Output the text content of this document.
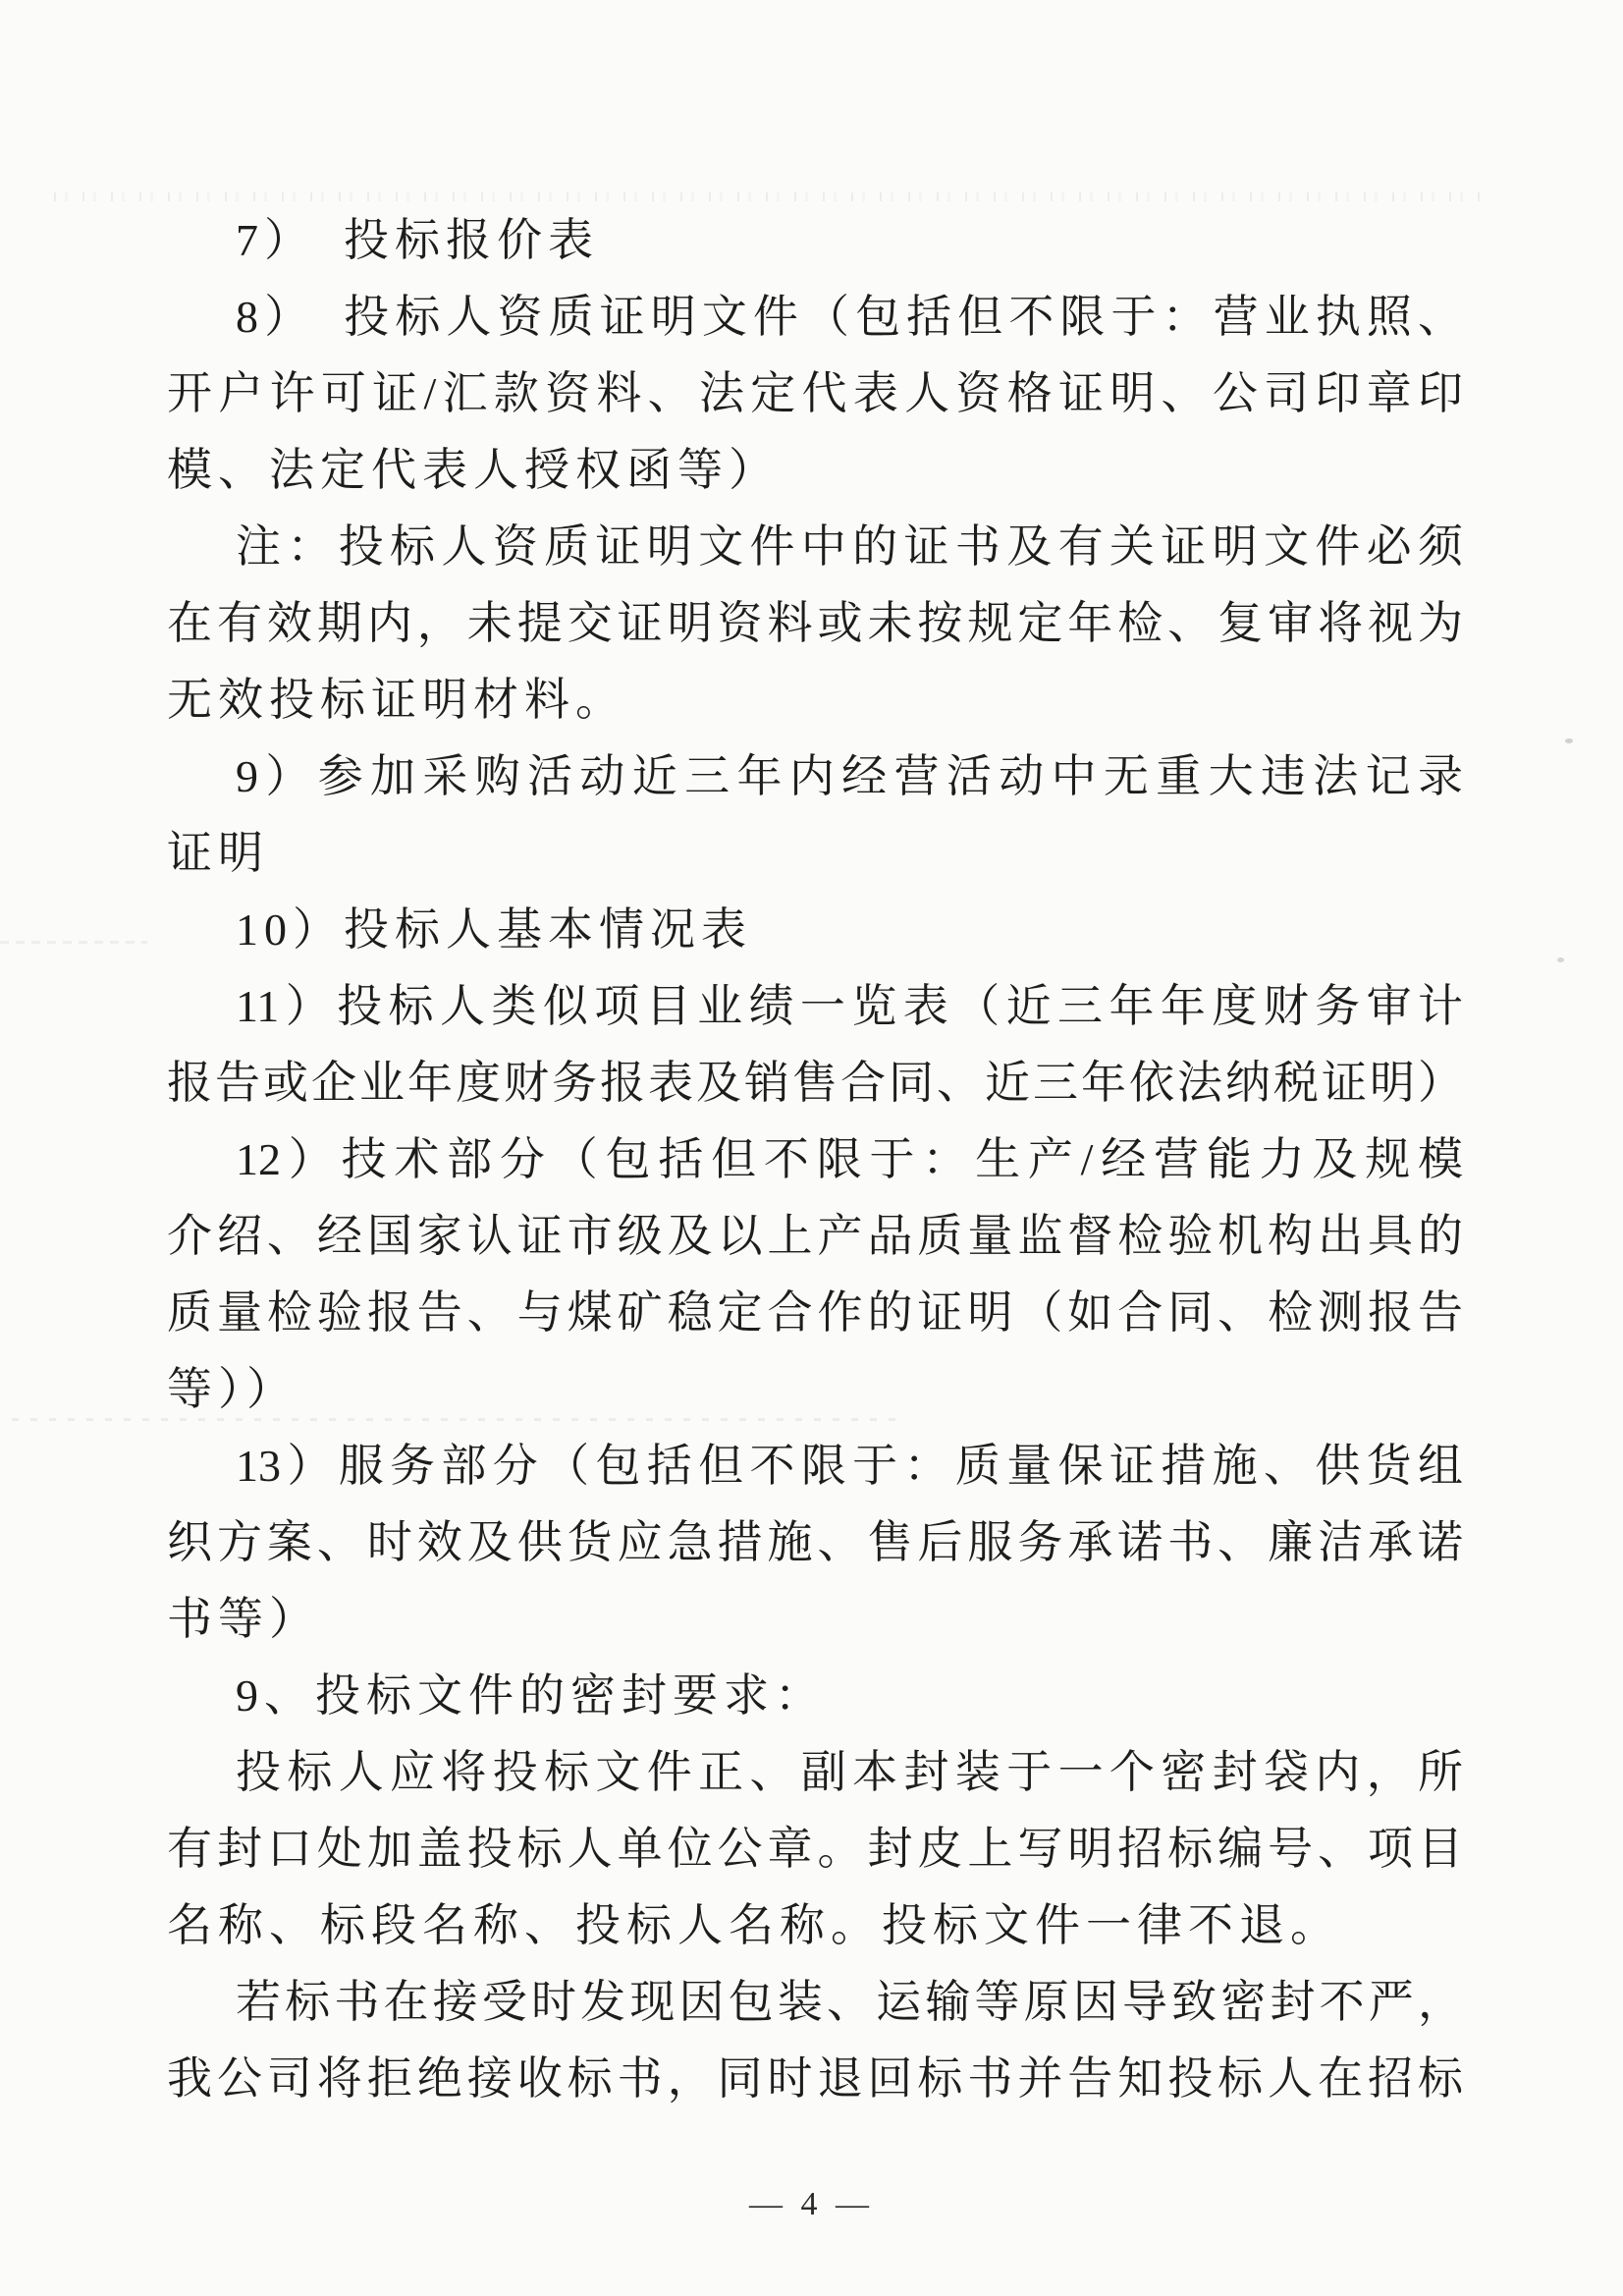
7）　投标报价表
8）　投标人资质证明文件（包括但不限于：营业执照、
开户许可证/汇款资料、法定代表人资格证明、公司印章印
模、法定代表人授权函等）
注：投标人资质证明文件中的证书及有关证明文件必须
在有效期内，未提交证明资料或未按规定年检、复审将视为
无效投标证明材料。
9）参加采购活动近三年内经营活动中无重大违法记录
证明
10）投标人基本情况表
11）投标人类似项目业绩一览表（近三年年度财务审计
报告或企业年度财务报表及销售合同、近三年依法纳税证明）
12）技术部分（包括但不限于：生产/经营能力及规模
介绍、经国家认证市级及以上产品质量监督检验机构出具的
质量检验报告、与煤矿稳定合作的证明（如合同、检测报告
等））
13）服务部分（包括但不限于：质量保证措施、供货组
织方案、时效及供货应急措施、售后服务承诺书、廉洁承诺
书等）
9、投标文件的密封要求：
投标人应将投标文件正、副本封装于一个密封袋内，所
有封口处加盖投标人单位公章。封皮上写明招标编号、项目
名称、标段名称、投标人名称。投标文件一律不退。
若标书在接受时发现因包装、运输等原因导致密封不严，
我公司将拒绝接收标书，同时退回标书并告知投标人在招标
— 4 —
